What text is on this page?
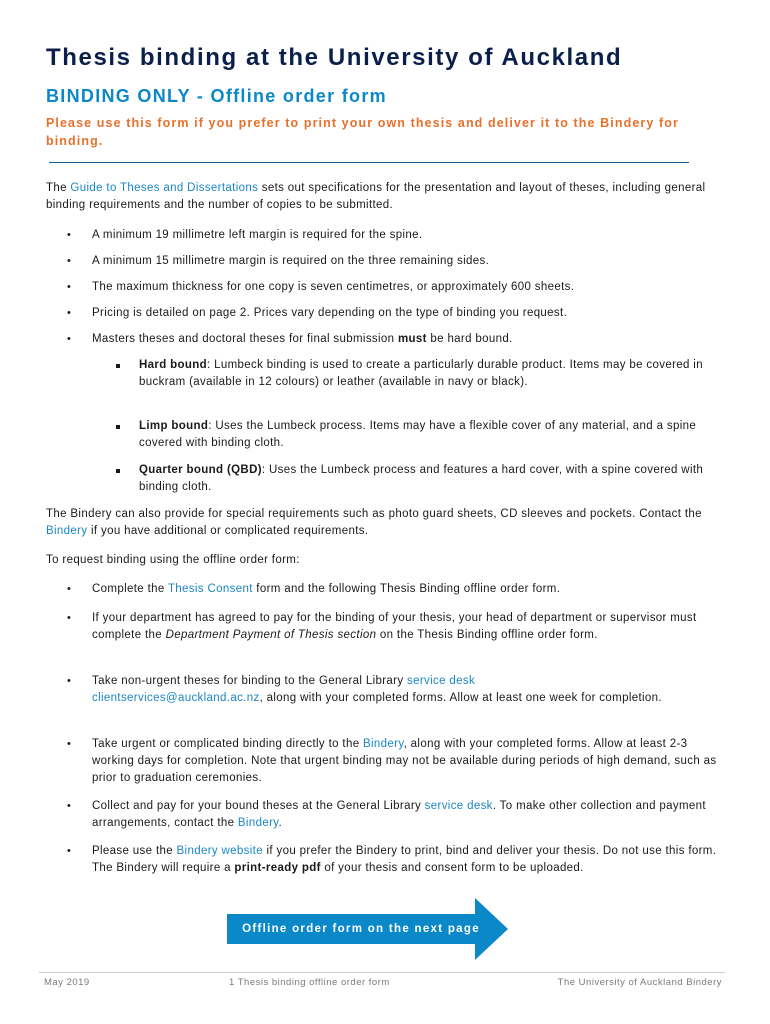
Thesis binding at the University of Auckland
BINDING ONLY - Offline order form

Please use this form if you prefer to print your own thesis and deliver it to the Bindery for binding.

The Guide to Theses and Dissertations sets out specifications for the presentation and layout of theses, including general binding requirements and the number of copies to be submitted.

• A minimum 19 millimetre left margin is required for the spine.

• A minimum 15 millimetre margin is required on the three remaining sides.

• The maximum thickness for one copy is seven centimetres, or approximately 600 sheets.

• Pricing is detailed on page 2. Prices vary depending on the type of binding you request.

• Masters theses and doctoral theses for final submission must be hard bound.

Hard bound: Lumbeck binding is used to create a particularly durable product. Items may be covered in buckram (available in 12 colours) or leather (available in navy or black).

Limp bound: Uses the Lumbeck process. Items may have a flexible cover of any material, and a spine covered with binding cloth.

Quarter bound (QBD): Uses the Lumbeck process and features a hard cover, with a spine covered with binding cloth.

The Bindery can also provide for special requirements such as photo guard sheets, CD sleeves and pockets. Contact the Bindery if you have additional or complicated requirements.

To request binding using the offline order form:

• Complete the Thesis Consent form and the following Thesis Binding offline order form.

• If your department has agreed to pay for the binding of your thesis, your head of department or supervisor must complete the Department Payment of Thesis section on the Thesis Binding offline order form.

• Take non-urgent theses for binding to the General Library service desk
clientservices@auckland.ac.nz, along with your completed forms. Allow at least one week for completion.

• Take urgent or complicated binding directly to the Bindery, along with your completed forms. Allow at least 2-3 working days for completion. Note that urgent binding may not be available during periods of high demand, such as prior to graduation ceremonies.

• Collect and pay for your bound theses at the General Library service desk. To make other collection and payment arrangements, contact the Bindery.

• Please use the Bindery website if you prefer the Bindery to print, bind and deliver your thesis. Do not use this form. The Bindery will require a print-ready pdf of your thesis and consent form to be uploaded.

Offline order form on the next page
May 2019	1 Thesis binding offline order form	The University of Auckland Bindery
